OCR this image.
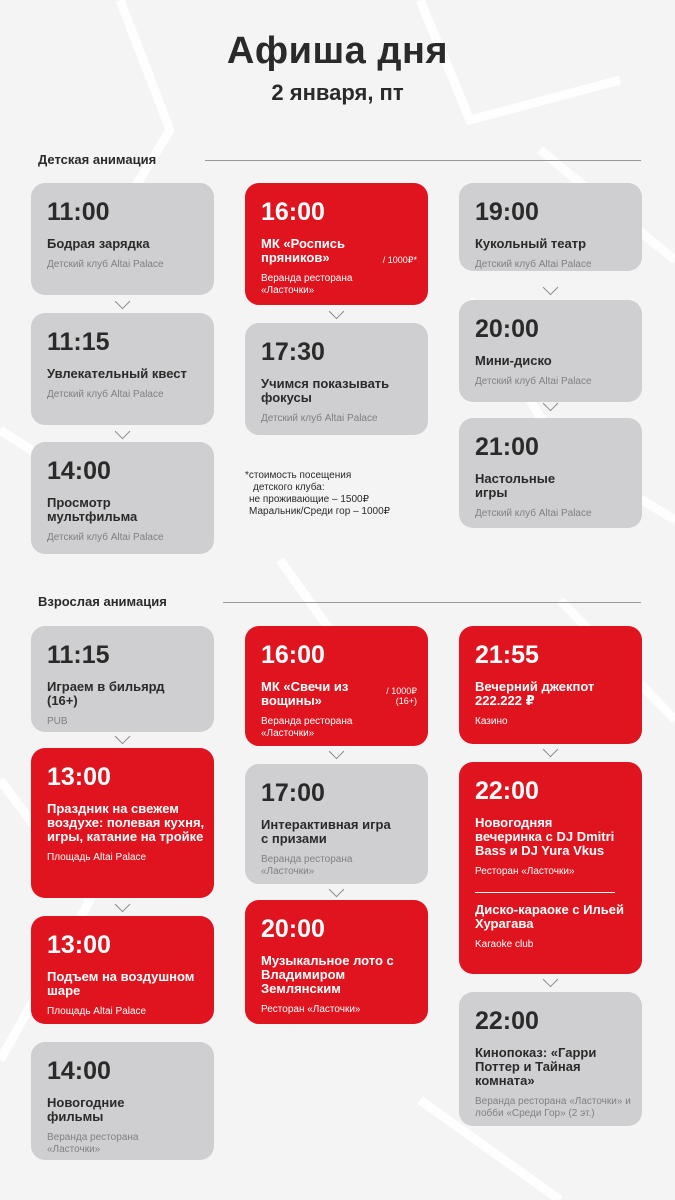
Афиша дня
2 января, пт
Детская анимация
11:00
Бодрая зарядка
Детский клуб Altai Palace
11:15
Увлекательный квест
Детский клуб Altai Palace
14:00
Просмотр мультфильма
Детский клуб Altai Palace
16:00
МК «Роспись пряников»	/ 1000₽*
Веранда ресторана «Ласточки»
17:30
Учимся показывать фокусы
Детский клуб Altai Palace
*стоимость посещения
детского клуба:
не проживающие – 1500₽
Маральник/Среди гор – 1000₽
19:00
Кукольный театр
Детский клуб Altai Palace
20:00
Мини-диско
Детский клуб Altai Palace
21:00
Настольные игры
Детский клуб Altai Palace
Взрослая анимация
11:15
Играем в бильярд (16+)
PUB
13:00
Праздник на свежем воздухе: полевая кухня, игры, катание на тройке
Площадь Altai Palace
13:00
Подъем на воздушном шаре
Площадь Altai Palace
14:00
Новогодние фильмы
Веранда ресторана «Ласточки»
16:00
МК «Свечи из вощины»
/ 1000₽ (16+)
Веранда ресторана «Ласточки»
17:00
Интерактивная игра с призами
Веранда ресторана «Ласточки»
20:00
Музыкальное лото с Владимиром Землянским
Ресторан «Ласточки»
21:55
Вечерний джекпот 222.222 ₽
Казино
22:00
Новогодняя вечеринка с DJ Dmitri Bass и DJ Yura Vkus
Ресторан «Ласточки»
Диско-караоке с Ильей Хурагава
Karaoke club
22:00
Кинопоказ: «Гарри Поттер и Тайная комната»
Веранда ресторана «Ласточки» и лобби «Среди Гор» (2 эт.)
